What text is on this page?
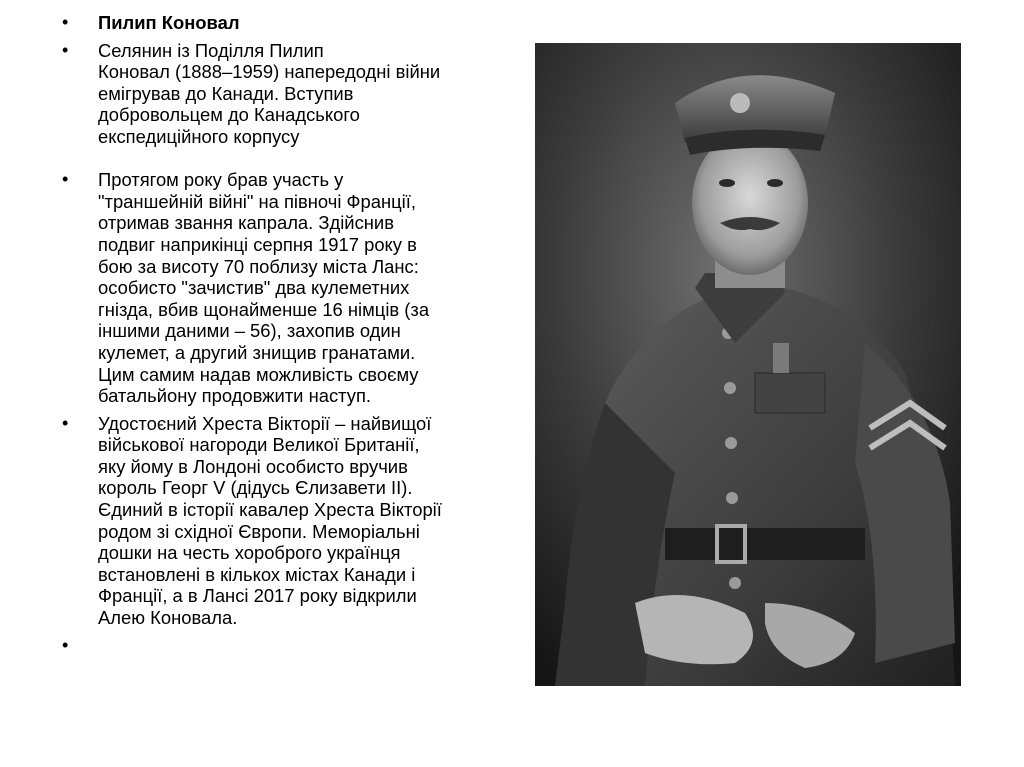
• Пилип Коновал
• Селянин із Поділля Пилип
Коновал (1888–1959) напередодні війни
емігрував до Канади. Вступив
добровольцем до Канадського
експедиційного корпусу
• Протягом року брав участь у
"траншейній війні" на півночі Франції,
отримав звання капрала. Здійснив
подвиг наприкінці серпня 1917 року в
бою за висоту 70 поблизу міста Ланс:
особисто "зачистив" два кулеметних
гнізда, вбив щонайменше 16 німців (за
іншими даними – 56), захопив один
кулемет, а другий знищив гранатами.
Цим самим надав можливість своєму
батальйону продовжити наступ.
• Удостоєний Хреста Вікторії – найвищої
військової нагороди Великої Британії,
яку йому в Лондоні особисто вручив
король Георг V (дідусь Єлизавети ІІ).
Єдиний в історії кавалер Хреста Вікторії
родом зі східної Європи. Меморіальні
дошки на честь хороброго українця
встановлені в кількох містах Канади і
Франції, а в Лансі 2017 року відкрили
Алею Коновала.
•
